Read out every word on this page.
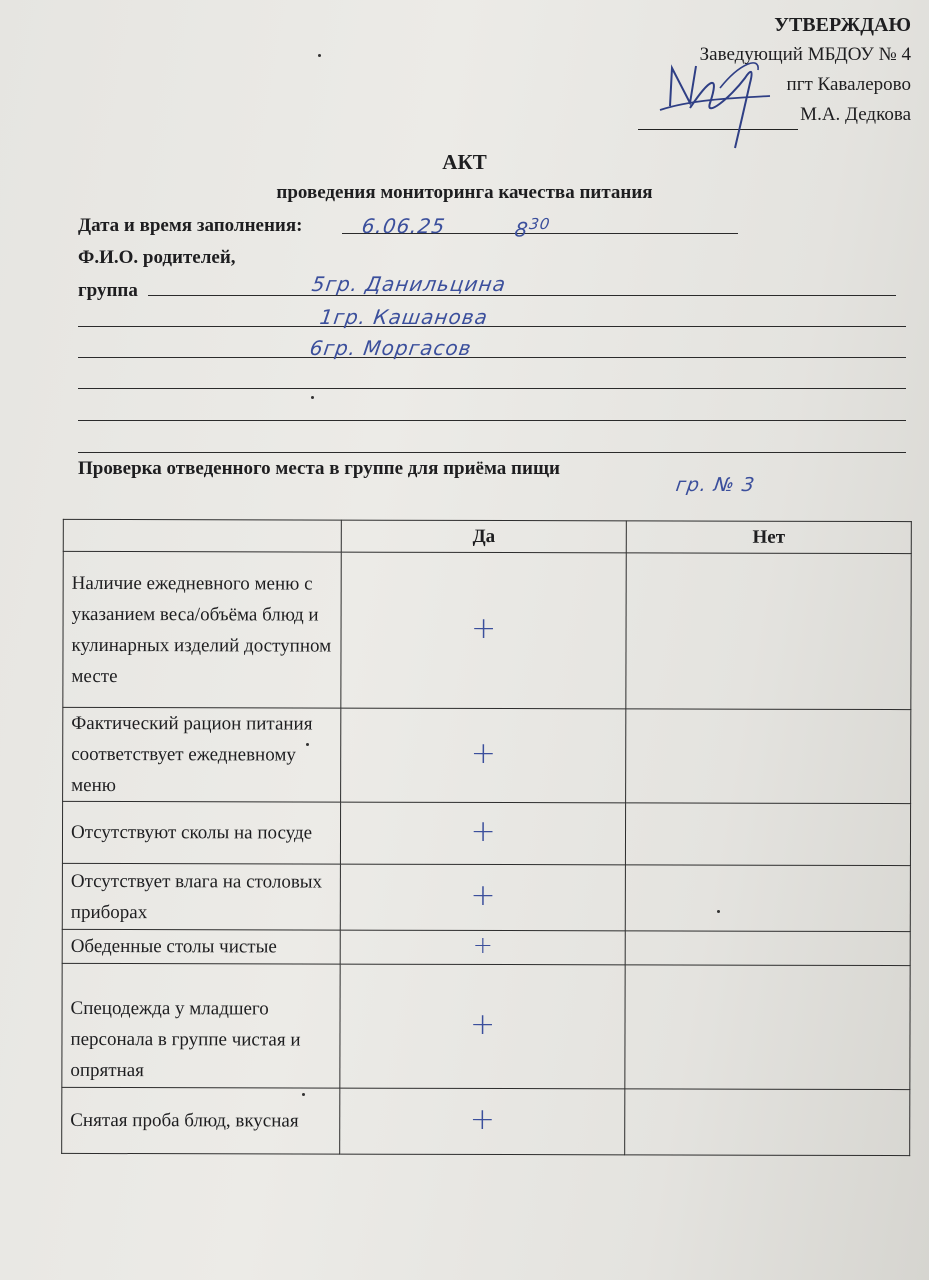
УТВЕРЖДАЮ
Заведующий МБДОУ № 4
пгт Кавалерово
М.А. Дедкова
АКТ
проведения мониторинга качества питания
Дата и время заполнения:	6.06.25	$8^{30}$
Ф.И.О. родителей,
группа	5гр. Данильцина
1гр. Кашанова
6гр. Моргасов
Проверка отведенного места в группе для приёма пищи
гр. № 3
	Да	Нет
Наличие ежедневного меню с указанием веса/объёма блюд и кулинарных изделий доступном месте	+	
Фактический рацион питания соответствует ежедневному меню	+	
Отсутствуют сколы на посуде	+	
Отсутствует влага на столовых приборах	+	
Обеденные столы чистые	+	
Спецодежда у младшего персонала в группе чистая и опрятная	+	
Снятая проба блюд, вкусная	+	
